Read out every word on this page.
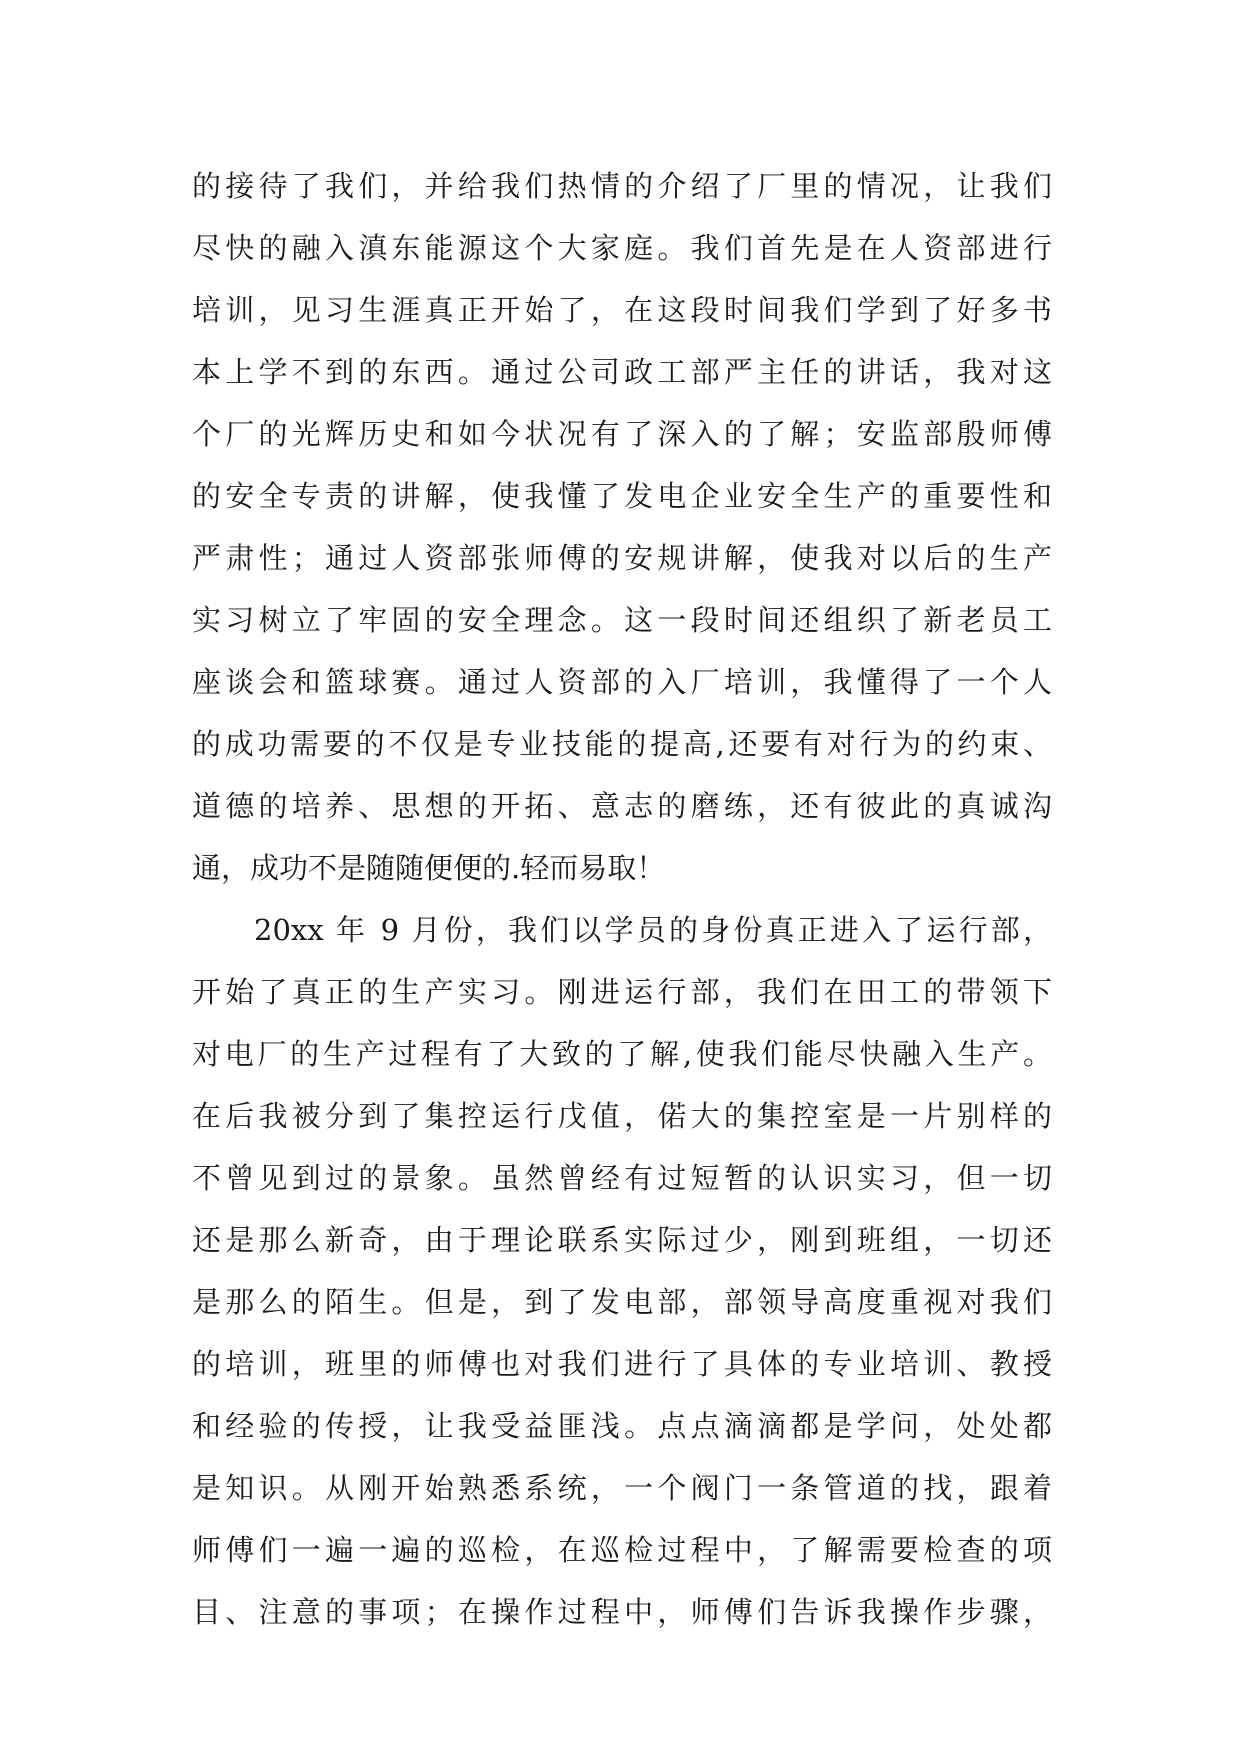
的接待了我们，并给我们热情的介绍了厂里的情况，让我们
尽快的融入滇东能源这个大家庭。我们首先是在人资部进行
培训，见习生涯真正开始了，在这段时间我们学到了好多书
本上学不到的东西。通过公司政工部严主任的讲话，我对这
个厂的光辉历史和如今状况有了深入的了解；安监部殷师傅
的安全专责的讲解，使我懂了发电企业安全生产的重要性和
严肃性；通过人资部张师傅的安规讲解，使我对以后的生产
实习树立了牢固的安全理念。这一段时间还组织了新老员工
座谈会和篮球赛。通过人资部的入厂培训，我懂得了一个人
的成功需要的不仅是专业技能的提高,还要有对行为的约束、
道德的培养、思想的开拓、意志的磨练，还有彼此的真诚沟
通，成功不是随随便便的.轻而易取！
20xx 年 9 月份，我们以学员的身份真正进入了运行部，
开始了真正的生产实习。刚进运行部，我们在田工的带领下
对电厂的生产过程有了大致的了解,使我们能尽快融入生产。
在后我被分到了集控运行戊值，偌大的集控室是一片别样的
不曾见到过的景象。虽然曾经有过短暂的认识实习，但一切
还是那么新奇，由于理论联系实际过少，刚到班组，一切还
是那么的陌生。但是，到了发电部，部领导高度重视对我们
的培训，班里的师傅也对我们进行了具体的专业培训、教授
和经验的传授，让我受益匪浅。点点滴滴都是学问，处处都
是知识。从刚开始熟悉系统，一个阀门一条管道的找，跟着
师傅们一遍一遍的巡检，在巡检过程中，了解需要检查的项
目、注意的事项；在操作过程中，师傅们告诉我操作步骤，
